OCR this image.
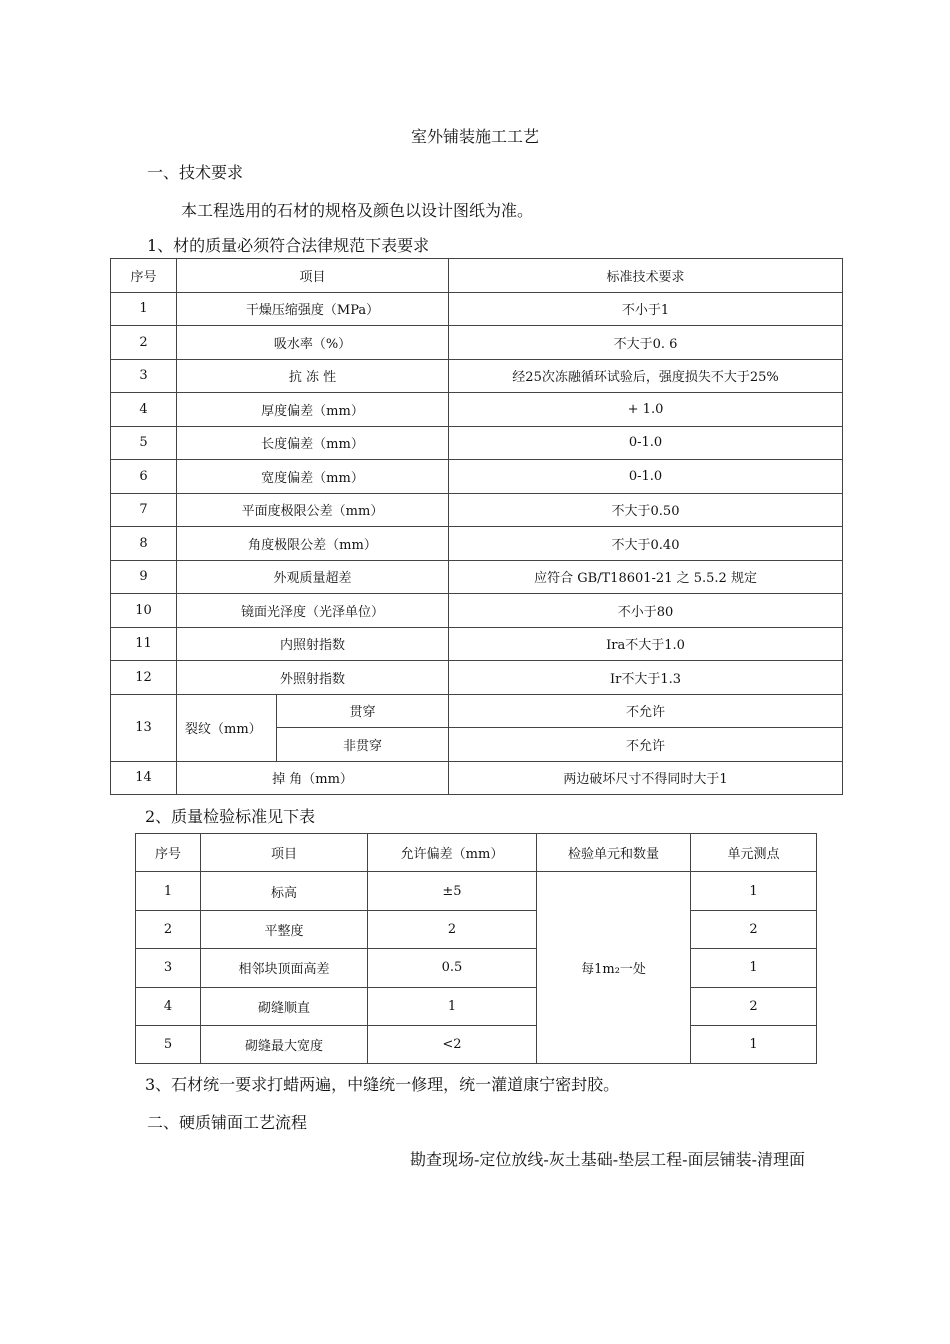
室外铺装施工工艺
一、技术要求
本工程选用的石材的规格及颜色以设计图纸为准。
1、材的质量必须符合法律规范下表要求
序号	项目		标准技术要求
1	干燥压缩强度（MPa）		不小于1
2	吸水率（%）		不大于0. 6
3	抗 冻 性		经25次冻融循环试验后，强度损失不大于25%
4	厚度偏差（mm）		+ 1.0
5	长度偏差（mm）		0-1.0
6	宽度偏差（mm）		0-1.0
7	平面度极限公差（mm）		不大于0.50
8	角度极限公差（mm）		不大于0.40
9	外观质量超差		应符合 GB/T18601-21 之 5.5.2 规定
10	镜面光泽度（光泽单位）		不小于80
11	内照射指数		Ira不大于1.0
12	外照射指数		Ir不大于1.3
13	裂纹（mm）	贯穿	不允许
		非贯穿	不允许
14	掉 角（mm）		两边破坏尺寸不得同时大于1
2、质量检验标准见下表
序号	项目	允许偏差（mm）	检验单元和数量	单元测点
1	标高	±5	每1m₂一处	1
2	平整度	2		2
3	相邻块顶面高差	0.5		1
4	砌缝顺直	1		2
5	砌缝最大宽度	<2		1
3、石材统一要求打蜡两遍，中缝统一修理，统一灌道康宁密封胶。
二、硬质铺面工艺流程
勘查现场-定位放线-灰土基础-垫层工程-面层铺装-清理面
